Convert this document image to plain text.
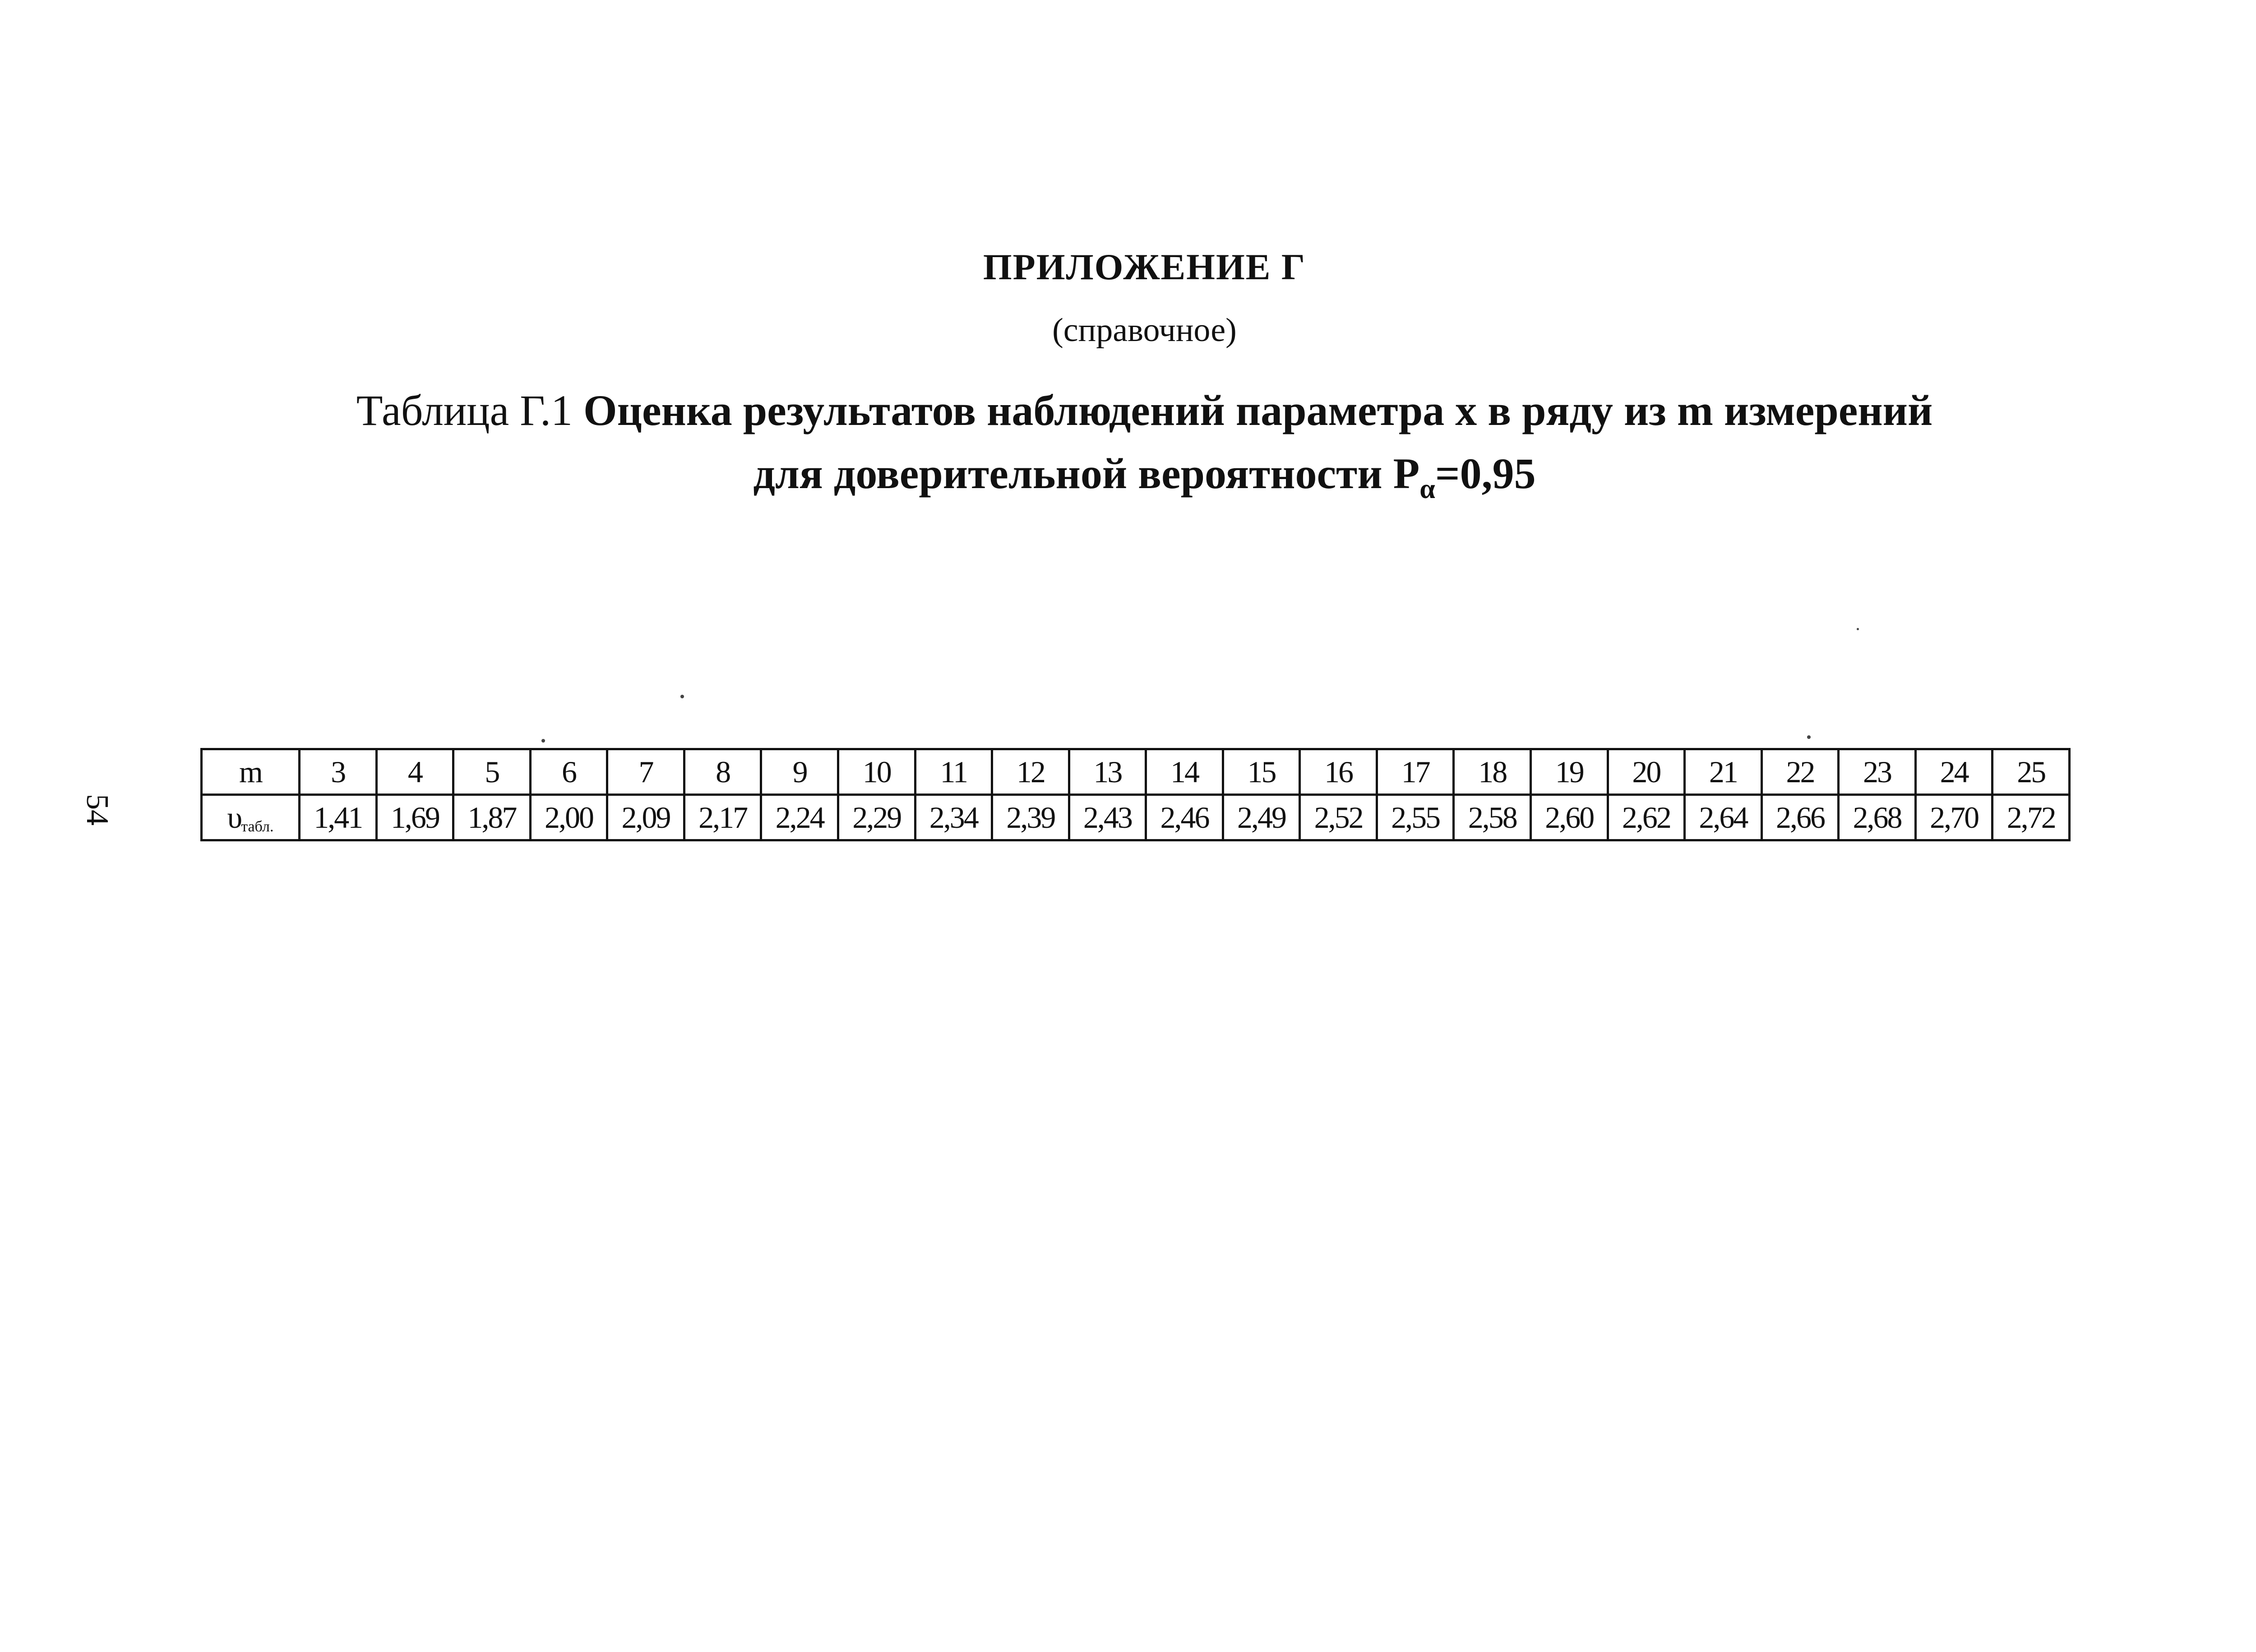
ПРИЛОЖЕНИЕ Г
(справочное)
Таблица Г.1 Оценка результатов наблюдений параметра x в ряду из m измерений
для доверительной вероятности $P_\alpha=0,95$
54
m	3	4	5	6	7	8	9	10	11	12	13	14	15	16	17	18	19	20	21	22	23	24	25
υтабл.	1,41	1,69	1,87	2,00	2,09	2,17	2,24	2,29	2,34	2,39	2,43	2,46	2,49	2,52	2,55	2,58	2,60	2,62	2,64	2,66	2,68	2,70	2,72
